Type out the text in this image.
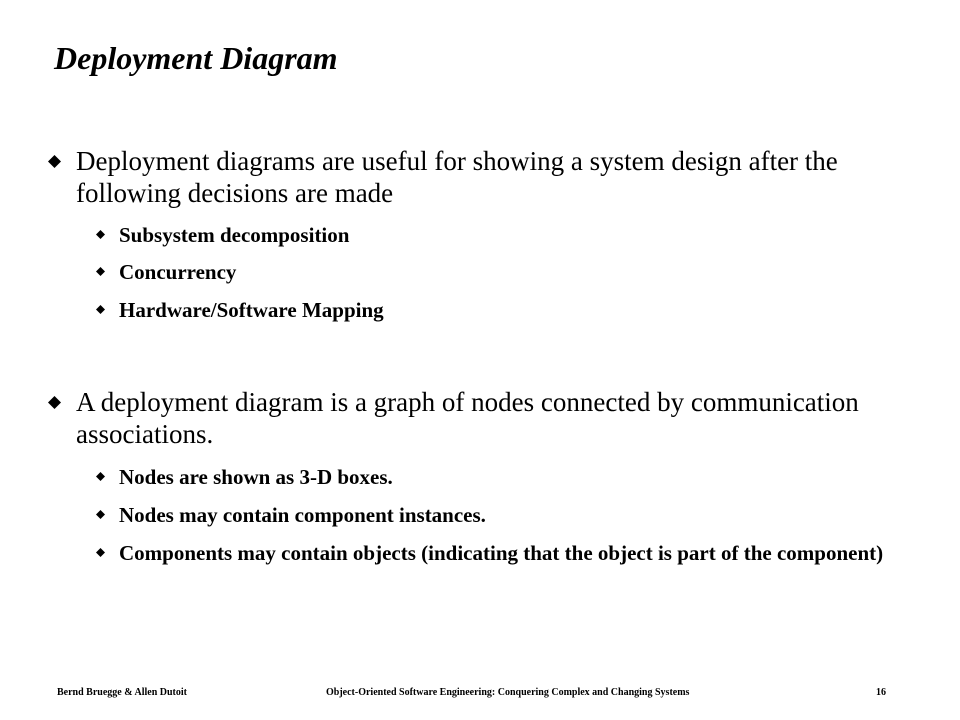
Deployment Diagram
Deployment diagrams are useful for showing a system design after the following decisions are made
Subsystem decomposition
Concurrency
Hardware/Software Mapping
A deployment diagram is a graph of nodes connected by communication associations.
Nodes are shown as 3-D boxes.
Nodes may contain component instances.
Components may contain objects (indicating that the object is part of the component)
Bernd Bruegge & Allen Dutoit	Object-Oriented Software Engineering: Conquering Complex and Changing Systems	16
